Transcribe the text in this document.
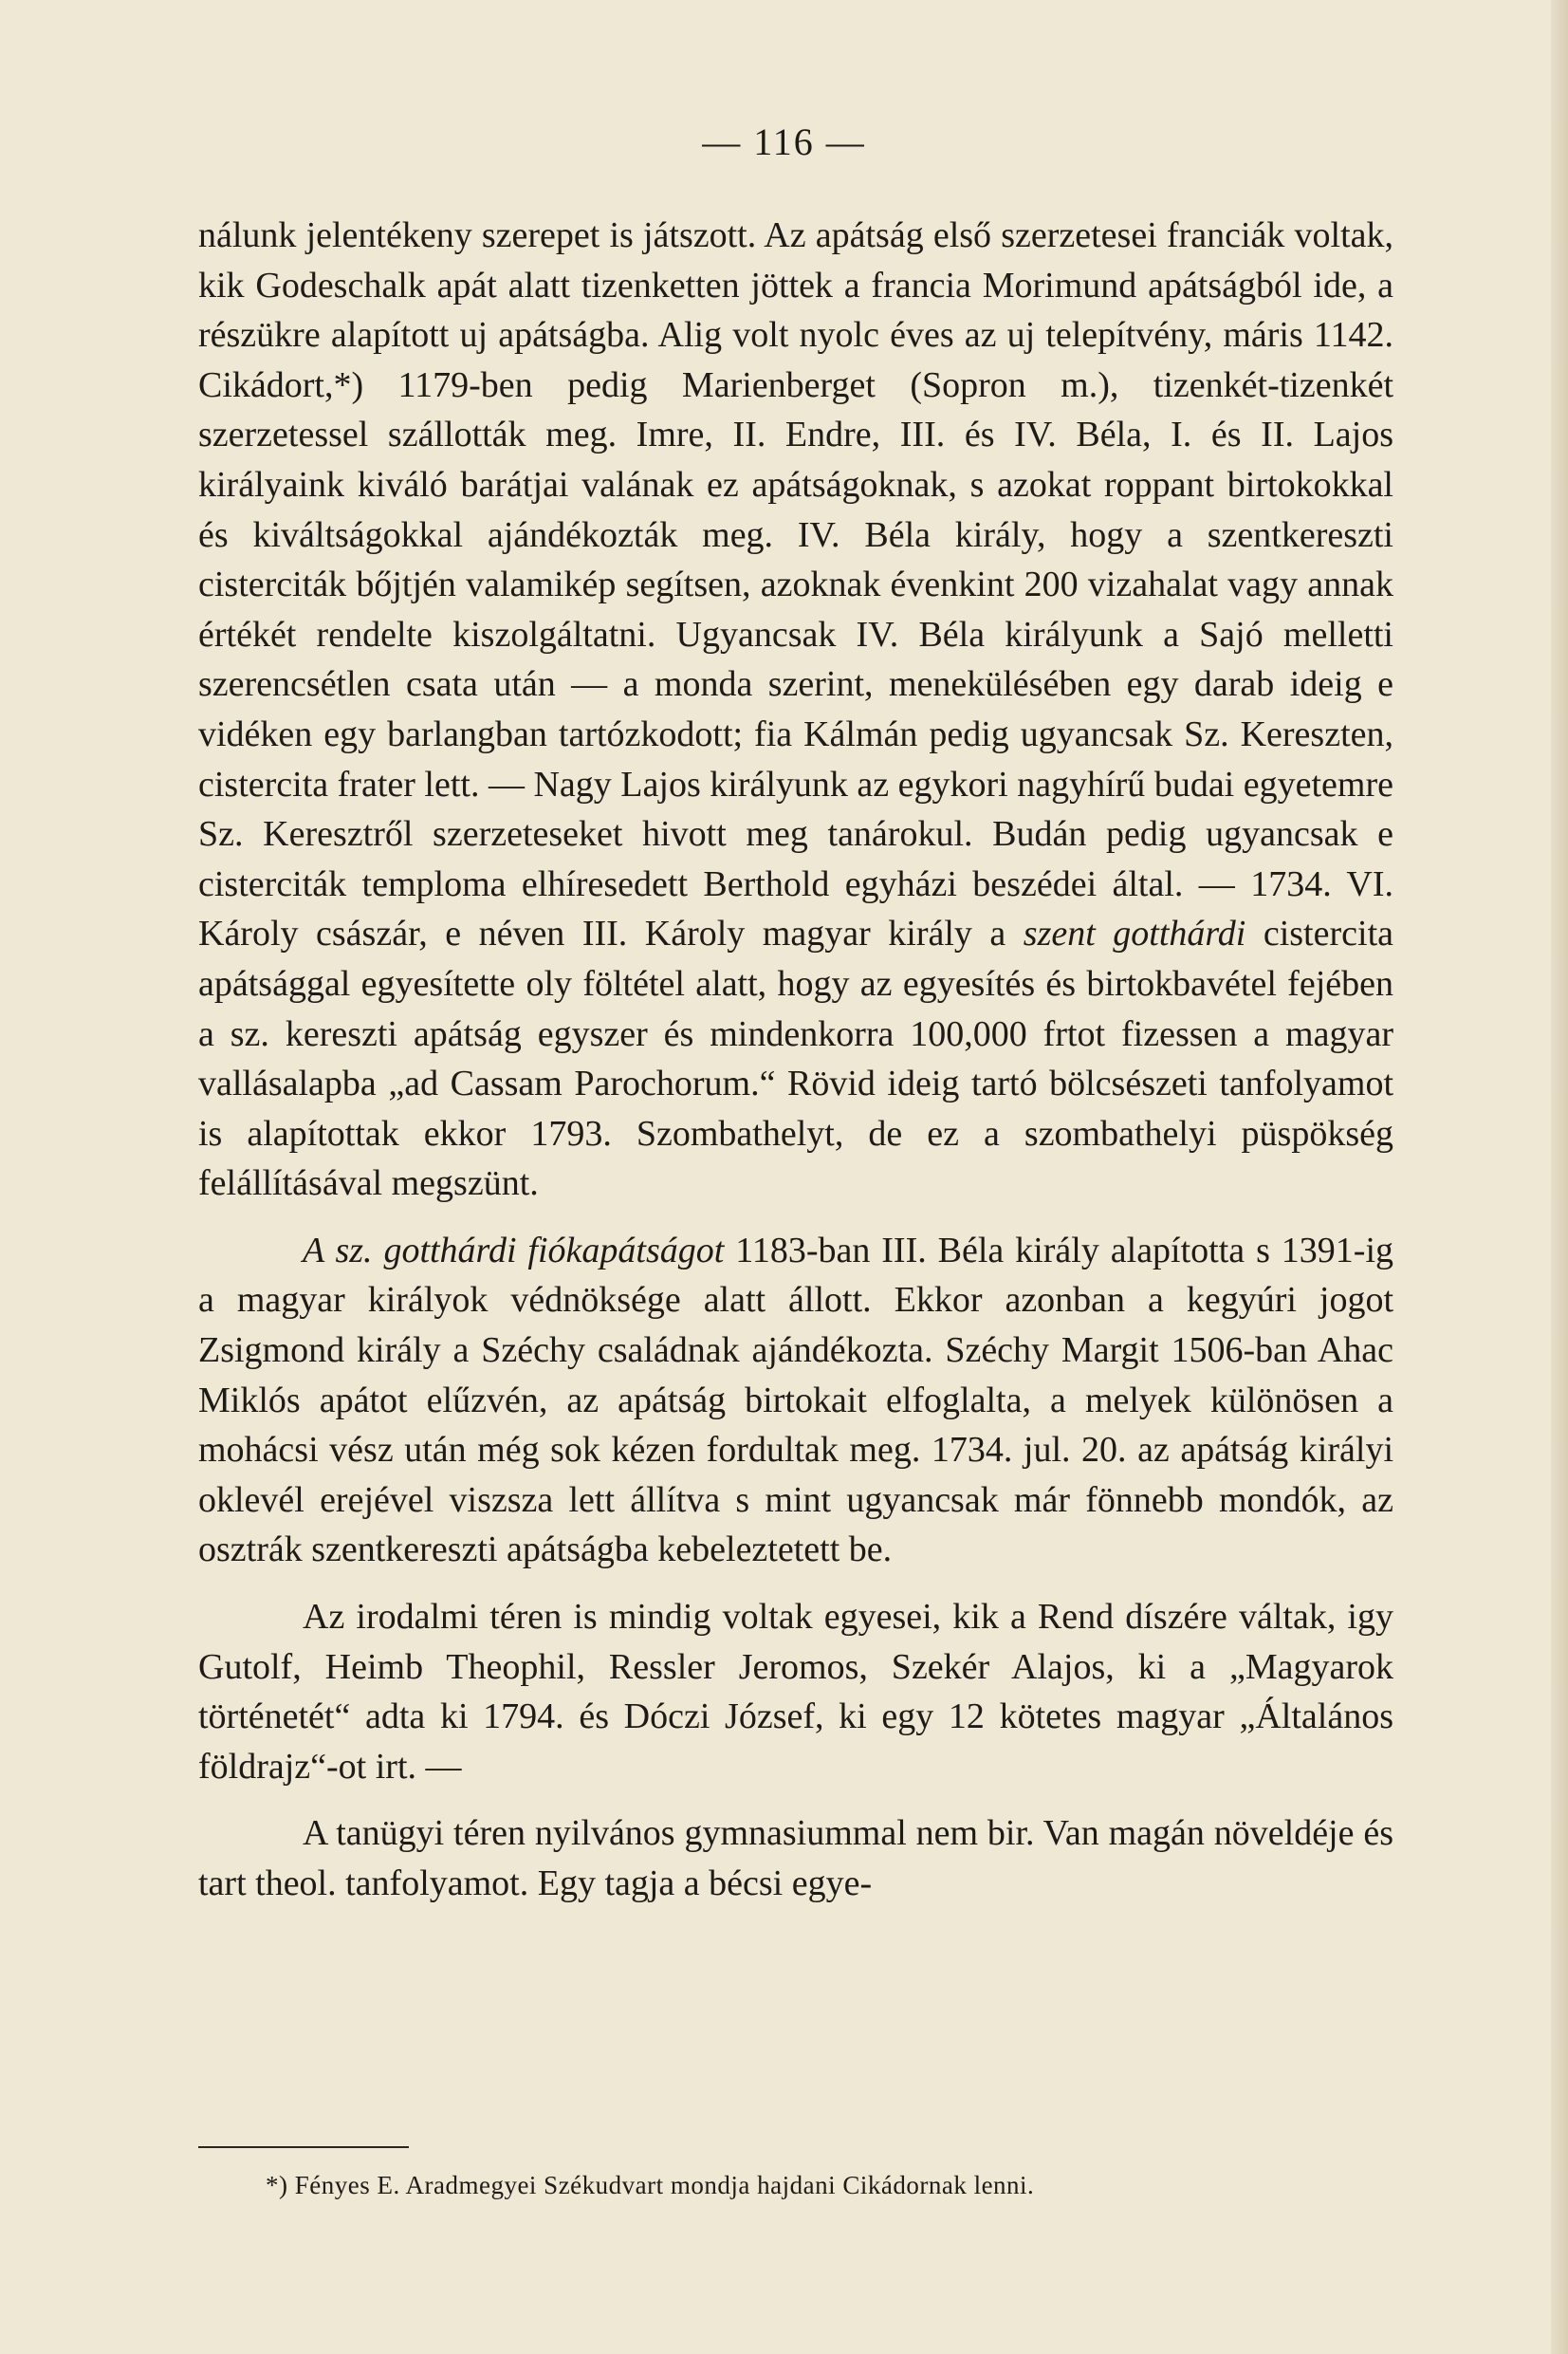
— 116 —

nálunk jelentékeny szerepet is játszott. Az apátság első szerzetesei franciák voltak, kik Godeschalk apát alatt tizenketten jöttek a francia Morimund apátságból ide, a részükre alapított uj apátságba. Alig volt nyolc éves az uj telepítvény, máris 1142. Cikádort,*) 1179-ben pedig Marienberget (Sopron m.), tizenkét-tizenkét szerzetessel szállották meg. Imre, II. Endre, III. és IV. Béla, I. és II. Lajos királyaink kiváló barátjai valának ez apátságoknak, s azokat roppant birtokokkal és kiváltságokkal ajándékozták meg. IV. Béla király, hogy a szentkereszti cisterciták bőjtjén valamikép segítsen, azoknak évenkint 200 vizahalat vagy annak értékét rendelte kiszolgáltatni. Ugyancsak IV. Béla királyunk a Sajó melletti szerencsétlen csata után — a monda szerint, menekülésében egy darab ideig e vidéken egy barlangban tartózkodott; fia Kálmán pedig ugyancsak Sz. Kereszten, cistercita frater lett. — Nagy Lajos királyunk az egykori nagyhírű budai egyetemre Sz. Keresztről szerzeteseket hivott meg tanárokul. Budán pedig ugyancsak e cisterciták temploma elhíresedett Berthold egyházi beszédei által. — 1734. VI. Károly császár, e néven III. Károly magyar király a szent gotthárdi cistercita apátsággal egyesítette oly föltétel alatt, hogy az egyesítés és birtokbavétel fejében a sz. kereszti apátság egyszer és mindenkorra 100,000 frtot fizessen a magyar vallásalapba „ad Cassam Parochorum.“ Rövid ideig tartó bölcsészeti tanfolyamot is alapítottak ekkor 1793. Szombathelyt, de ez a szombathelyi püspökség felállításával megszünt.

A sz. gotthárdi fiókapátságot 1183-ban III. Béla király alapította s 1391-ig a magyar királyok védnöksége alatt állott. Ekkor azonban a kegyúri jogot Zsigmond király a Széchy családnak ajándékozta. Széchy Margit 1506-ban Ahac Miklós apátot elűzvén, az apátság birtokait elfoglalta, a melyek különösen a mohácsi vész után még sok kézen fordultak meg. 1734. jul. 20. az apátság királyi oklevél erejével viszsza lett állítva s mint ugyancsak már fönnebb mondók, az osztrák szentkereszti apátságba kebeleztetett be.

Az irodalmi téren is mindig voltak egyesei, kik a Rend díszére váltak, igy Gutolf, Heimb Theophil, Ressler Jeromos, Szekér Alajos, ki a „Magyarok történetét“ adta ki 1794. és Dóczi József, ki egy 12 kötetes magyar „Általános földrajz“-ot irt. —

A tanügyi téren nyilvános gymnasiummal nem bir. Van magán növeldéje és tart theol. tanfolyamot. Egy tagja a bécsi egye-

*) Fényes E. Aradmegyei Székudvart mondja hajdani Cikádornak lenni.
